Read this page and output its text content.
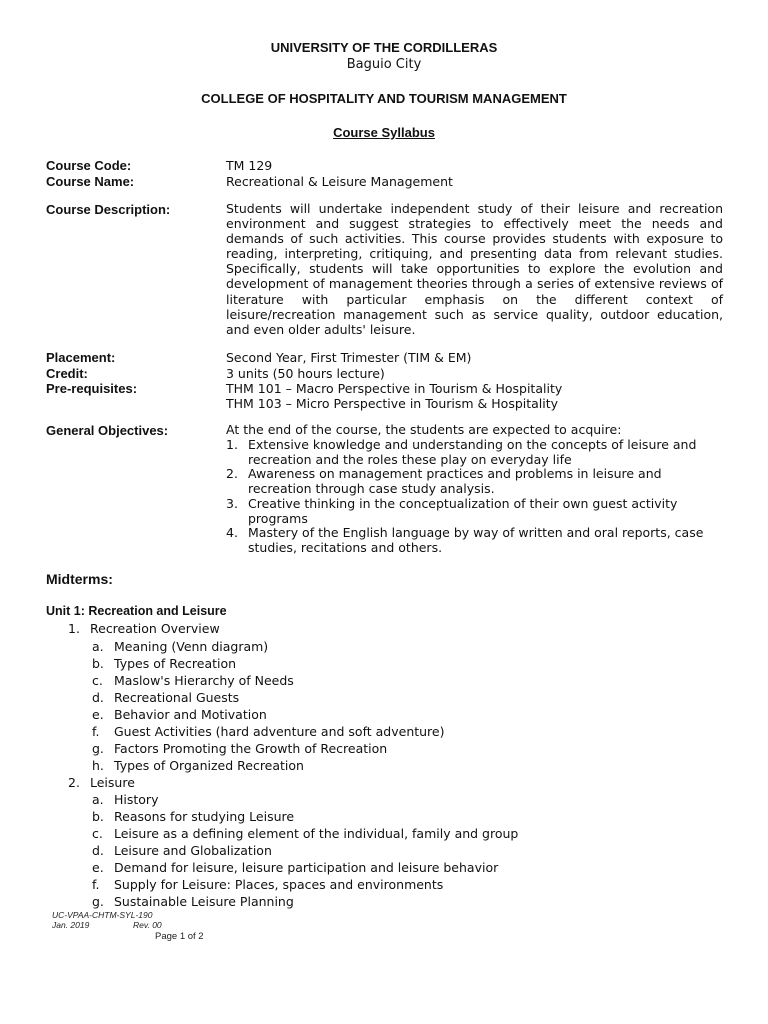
UNIVERSITY OF THE CORDILLERAS
Baguio City
COLLEGE OF HOSPITALITY AND TOURISM MANAGEMENT
Course Syllabus
Course Code:	TM 129
Course Name:	Recreational & Leisure Management
Course Description:	Students will undertake independent study of their leisure and recreation environment and suggest strategies to effectively meet the needs and demands of such activities. This course provides students with exposure to reading, interpreting, critiquing, and presenting data from relevant studies. Specifically, students will take opportunities to explore the evolution and development of management theories through a series of extensive reviews of literature with particular emphasis on the different context of leisure/recreation management such as service quality, outdoor education, and even older adults' leisure.
Placement:	Second Year, First Trimester (TIM & EM)
Credit:	3 units (50 hours lecture)
Pre-requisites:	THM 101 – Macro Perspective in Tourism & Hospitality
THM 103 – Micro Perspective in Tourism & Hospitality
General Objectives:	At the end of the course, the students are expected to acquire:
1. Extensive knowledge and understanding on the concepts of leisure and recreation and the roles these play on everyday life
2. Awareness on management practices and problems in leisure and recreation through case study analysis.
3. Creative thinking in the conceptualization of their own guest activity programs
4. Mastery of the English language by way of written and oral reports, case studies, recitations and others.
Midterms:
Unit 1: Recreation and Leisure
1. Recreation Overview
a. Meaning (Venn diagram)
b. Types of Recreation
c. Maslow's Hierarchy of Needs
d. Recreational Guests
e. Behavior and Motivation
f. Guest Activities (hard adventure and soft adventure)
g. Factors Promoting the Growth of Recreation
h. Types of Organized Recreation
2. Leisure
a. History
b. Reasons for studying Leisure
c. Leisure as a defining element of the individual, family and group
d. Leisure and Globalization
e. Demand for leisure, leisure participation and leisure behavior
f. Supply for Leisure: Places, spaces and environments
g. Sustainable Leisure Planning
UC-VPAA-CHTM-SYL-190
Jan. 2019	Rev. 00
Page 1 of 2
